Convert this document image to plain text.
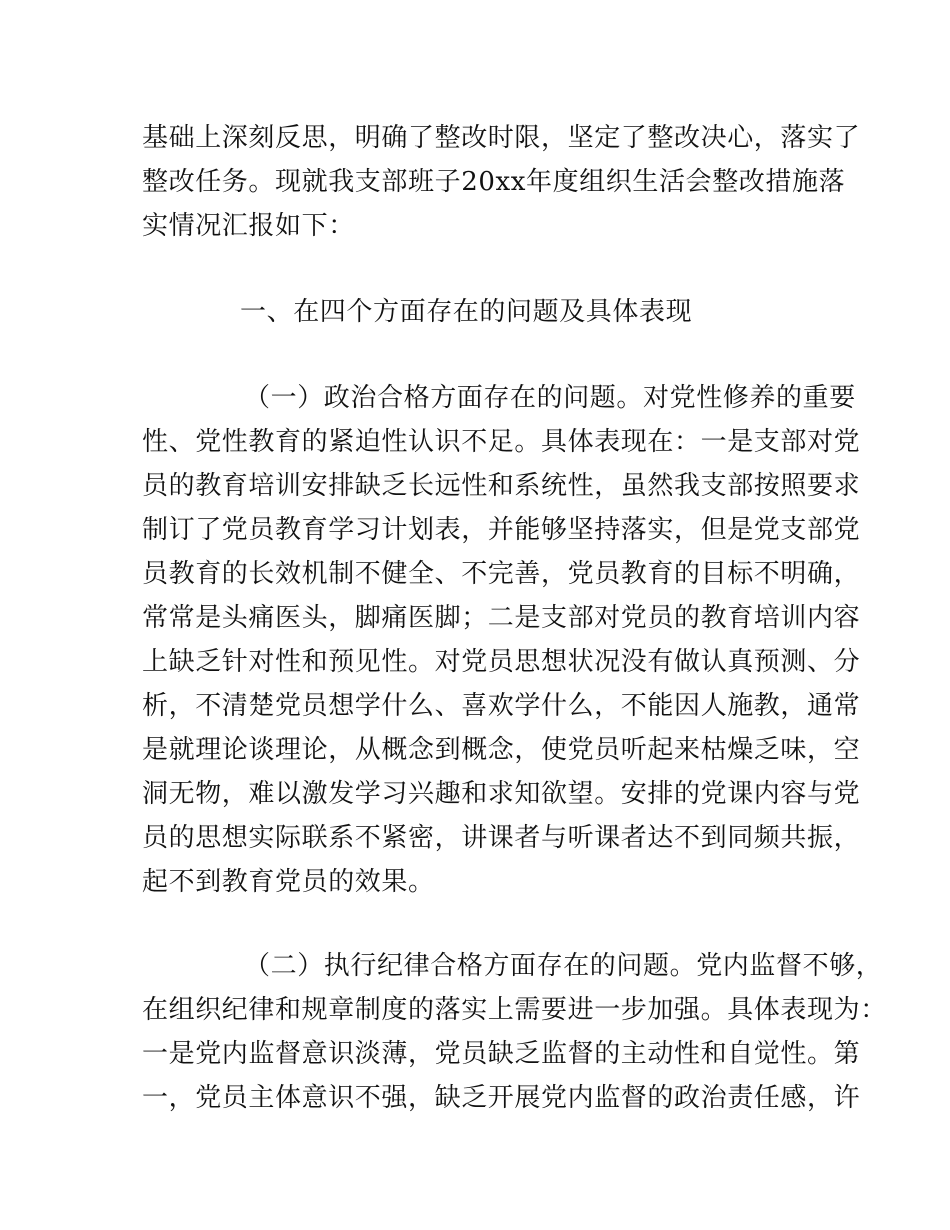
基础上深刻反思，明确了整改时限，坚定了整改决心，落实了
整改任务。现就我支部班子20xx年度组织生活会整改措施落
实情况汇报如下：
一、在四个方面存在的问题及具体表现
（一）政治合格方面存在的问题。对党性修养的重要
性、党性教育的紧迫性认识不足。具体表现在：一是支部对党
员的教育培训安排缺乏长远性和系统性，虽然我支部按照要求
制订了党员教育学习计划表，并能够坚持落实，但是党支部党
员教育的长效机制不健全、不完善，党员教育的目标不明确，
常常是头痛医头，脚痛医脚；二是支部对党员的教育培训内容
上缺乏针对性和预见性。对党员思想状况没有做认真预测、分
析，不清楚党员想学什么、喜欢学什么，不能因人施教，通常
是就理论谈理论，从概念到概念，使党员听起来枯燥乏味，空
洞无物，难以激发学习兴趣和求知欲望。安排的党课内容与党
员的思想实际联系不紧密，讲课者与听课者达不到同频共振，
起不到教育党员的效果。
（二）执行纪律合格方面存在的问题。党内监督不够，
在组织纪律和规章制度的落实上需要进一步加强。具体表现为：
一是党内监督意识淡薄，党员缺乏监督的主动性和自觉性。第
一，党员主体意识不强，缺乏开展党内监督的政治责任感，许
